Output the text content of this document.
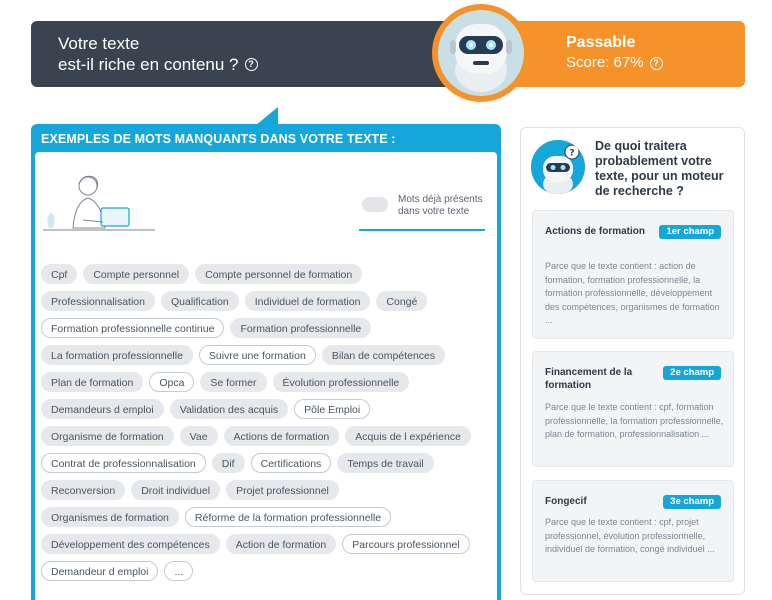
Votre texte
est-il riche en contenu ?	?
Passable
Score: 67%	?
EXEMPLES DE MOTS MANQUANTS DANS VOTRE TEXTE :
Mots déjà présents dans votre texte
Cpf	Compte personnel	Compte personnel de formation
Professionnalisation	Qualification	Individuel de formation	Congé
Formation professionnelle continue	Formation professionnelle
La formation professionnelle	Suivre une formation	Bilan de compétences
Plan de formation	Opca	Se former	Évolution professionnelle
Demandeurs d emploi	Validation des acquis	Pôle Emploi
Organisme de formation	Vae	Actions de formation	Acquis de l expérience
Contrat de professionnalisation	Dif	Certifications	Temps de travail
Reconversion	Droit individuel	Projet professionnel
Organismes de formation	Réforme de la formation professionnelle
Développement des compétences	Action de formation	Parcours professionnel
Demandeur d emploi	...
?
De quoi traitera probablement votre texte, pour un moteur de recherche ?
Actions de formation	1er champ
Parce que le texte contient : action de formation, formation professionnelle, la formation professionnelle, développement des compétences, organismes de formation ...
Financement de la formation
2e champ
Parce que le texte contient : cpf, formation professionnelle, la formation professionnelle, plan de formation, professionnalisation ...
Fongecif	3e champ
Parce que le texte contient : cpf, projet professionnel, évolution professionnelle, individuel de formation, congé individuel ...
